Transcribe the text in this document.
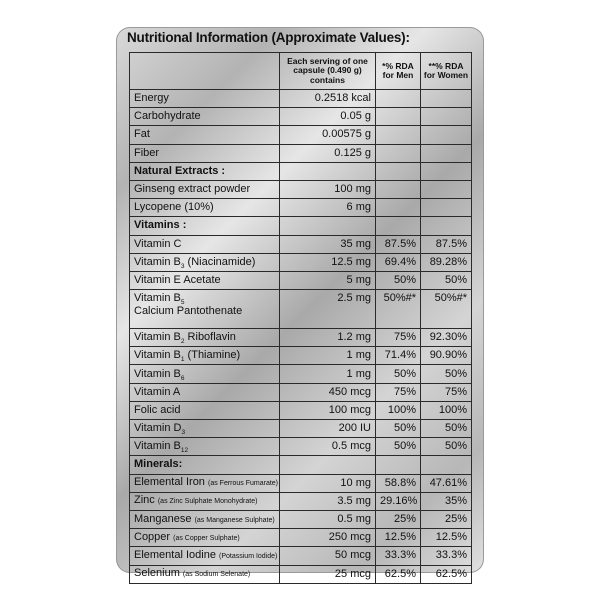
Nutritional Information (Approximate Values):
	Each serving of one capsule (0.490 g) contains	*% RDA for Men	**% RDA for Women
Energy	0.2518 kcal		
Carbohydrate	0.05 g		
Fat	0.00575 g		
Fiber	0.125 g		
Natural Extracts :			
Ginseng extract powder	100 mg		
Lycopene (10%)	6 mg		
Vitamins :			
Vitamin C	35 mg	87.5%	87.5%
Vitamin $B_3$ (Niacinamide)	12.5 mg	69.4%	89.28%
Vitamin E Acetate	5 mg	50%	50%
Vitamin $B_5$
Calcium Pantothenate	2.5 mg	50%#*	50%#*
Vitamin $B_2$ Riboflavin	1.2 mg	75%	92.30%
Vitamin $B_1$ (Thiamine)	1 mg	71.4%	90.90%
Vitamin $B_6$	1 mg	50%	50%
Vitamin A	450 mcg	75%	75%
Folic acid	100 mcg	100%	100%
Vitamin $D_3$	200 IU	50%	50%
Vitamin $B_{12}$	0.5 mcg	50%	50%
Minerals:			
Elemental Iron (as Ferrous Fumarate)	10 mg	58.8%	47.61%
Zinc (as Zinc Sulphate Monohydrate)	3.5 mg	29.16%	35%
Manganese (as Manganese Sulphate)	0.5 mg	25%	25%
Copper (as Copper Sulphate)	250 mcg	12.5%	12.5%
Elemental Iodine (Potassium Iodide)	50 mcg	33.3%	33.3%
Selenium (as Sodium Selenate)	25 mcg	62.5%	62.5%
